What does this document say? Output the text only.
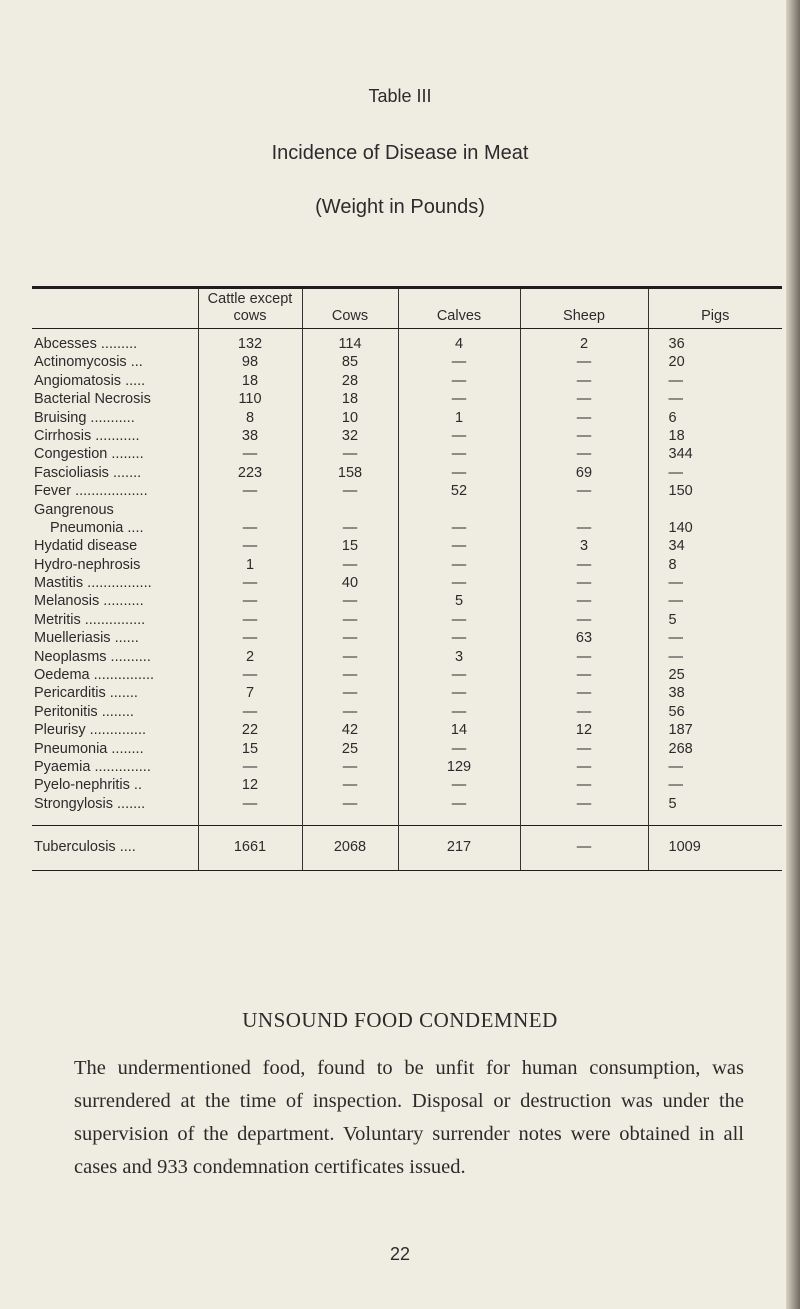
Table III
Incidence of Disease in Meat
(Weight in Pounds)
	Cattle except cows	Cows	Calves	Sheep	Pigs
Abcesses .........	132	114	4	2	36
Actinomycosis ...	98	85	—	—	20
Angiomatosis .....	18	28	—	—	—
Bacterial Necrosis	110	18	—	—	—
Bruising ...........	8	10	1	—	6
Cirrhosis ...........	38	32	—	—	18
Congestion ........	—	—	—	—	344
Fascioliasis .......	223	158	—	69	—
Fever ..................	—	—	52	—	150
Gangrenous					
Pneumonia ....	—	—	—	—	140
Hydatid disease	—	15	—	3	34
Hydro-nephrosis	1	—	—	—	8
Mastitis ................	—	40	—	—	—
Melanosis ..........	—	—	5	—	—
Metritis ...............	—	—	—	—	5
Muelleriasis ......	—	—	—	63	—
Neoplasms ..........	2	—	3	—	—
Oedema ...............	—	—	—	—	25
Pericarditis .......	7	—	—	—	38
Peritonitis ........	—	—	—	—	56
Pleurisy ..............	22	42	14	12	187
Pneumonia ........	15	25	—	—	268
Pyaemia ..............	—	—	129	—	—
Pyelo-nephritis ..	12	—	—	—	—
Strongylosis .......	—	—	—	—	5

Tuberculosis ....	1661	2068	217	—	1009

UNSOUND FOOD CONDEMNED

The undermentioned food, found to be unfit for human consumption, was surrendered at the time of inspection. Disposal or destruction was under the supervision of the department. Voluntary surrender notes were obtained in all cases and 933 condemnation certificates issued.

22
